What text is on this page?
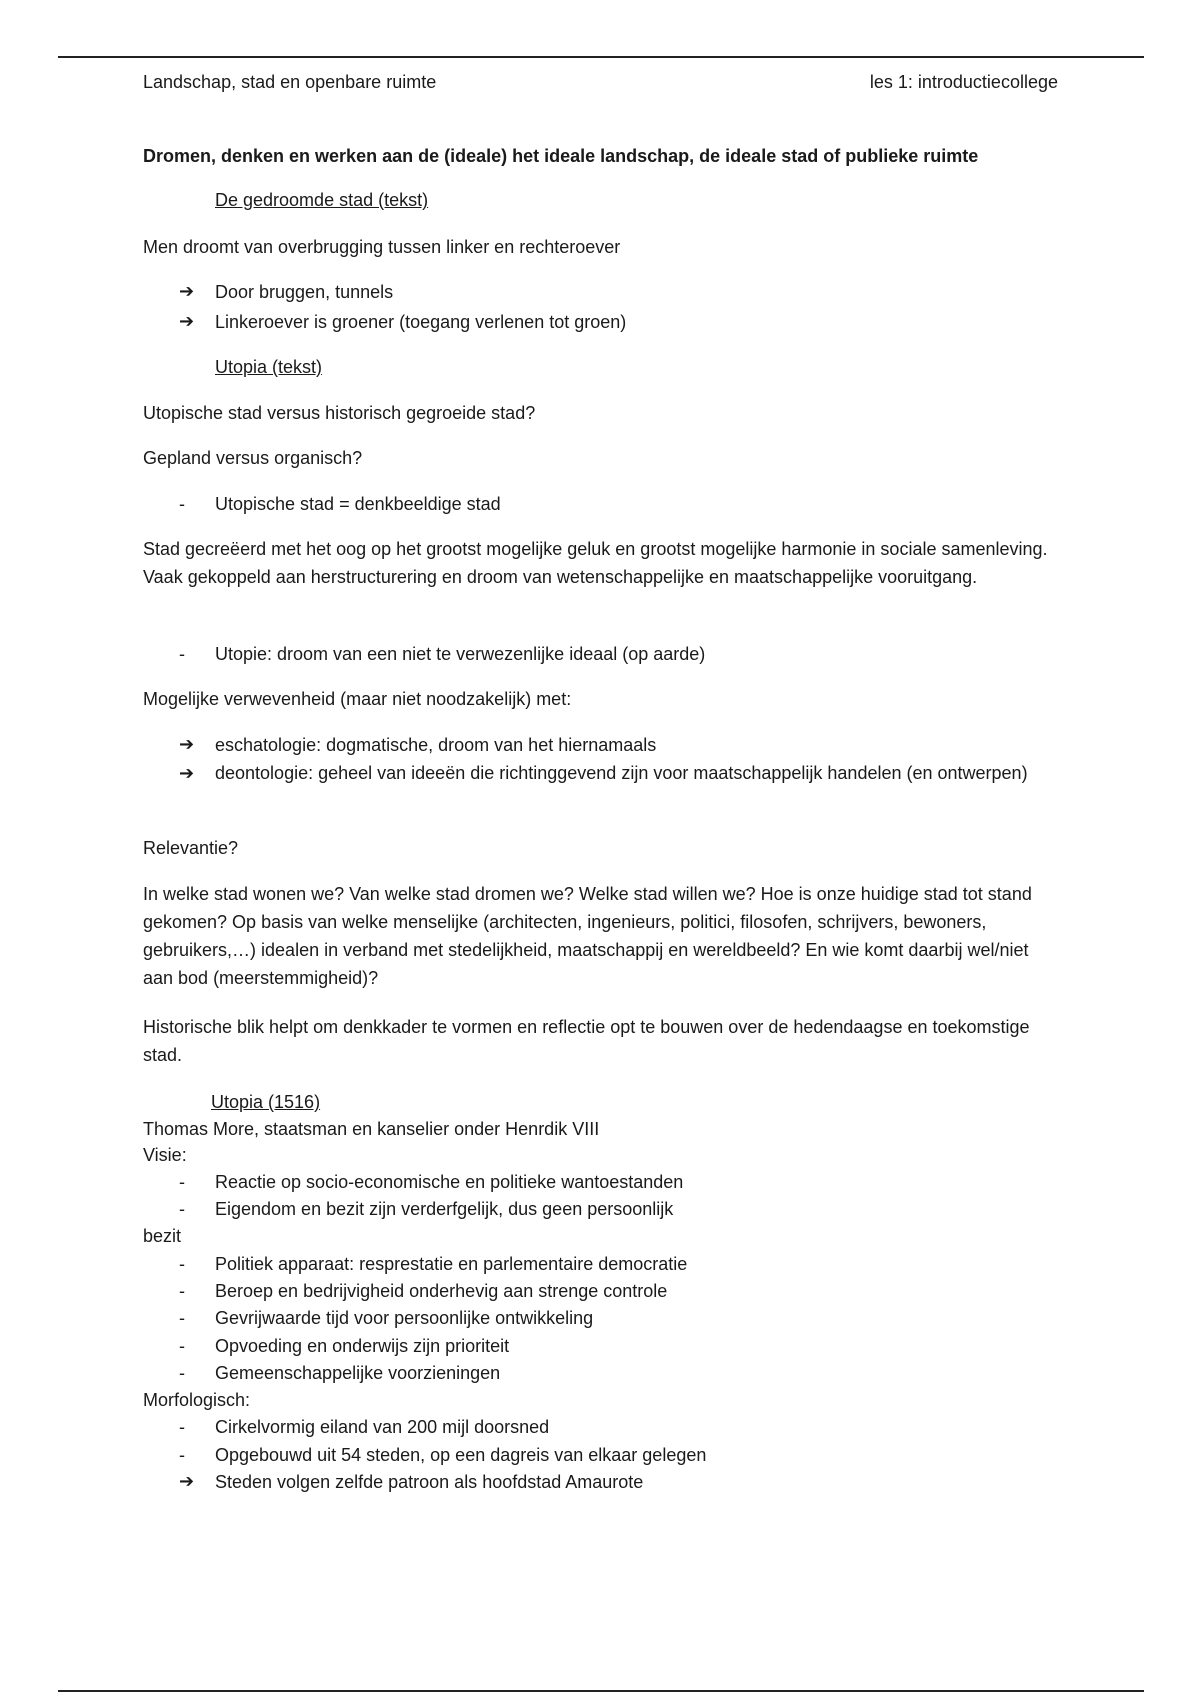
Landschap, stad en openbare ruimte	les 1: introductiecollege
Dromen, denken en werken aan de (ideale) het ideale landschap, de ideale stad of publieke ruimte
De gedroomde stad (tekst)
Men droomt van overbrugging tussen linker en rechteroever
➔ Door bruggen, tunnels
➔ Linkeroever is groener (toegang verlenen tot groen)
Utopia (tekst)
Utopische stad versus historisch gegroeide stad?
Gepland versus organisch?
- Utopische stad = denkbeeldige stad
Stad gecreëerd met het oog op het grootst mogelijke geluk en grootst mogelijke harmonie in sociale samenleving. Vaak gekoppeld aan herstructurering en droom van wetenschappelijke en maatschappelijke vooruitgang.
- Utopie: droom van een niet te verwezenlijke ideaal (op aarde)
Mogelijke verwevenheid (maar niet noodzakelijk) met:
➔ eschatologie: dogmatische, droom van het hiernamaals
➔ deontologie: geheel van ideeën die richtinggevend zijn voor maatschappelijk handelen (en ontwerpen)
Relevantie?
In welke stad wonen we? Van welke stad dromen we? Welke stad willen we? Hoe is onze huidige stad tot stand gekomen? Op basis van welke menselijke (architecten, ingenieurs, politici, filosofen, schrijvers, bewoners, gebruikers,…) idealen in verband met stedelijkheid, maatschappij en wereldbeeld? En wie komt daarbij wel/niet aan bod (meerstemmigheid)?
Historische blik helpt om denkkader te vormen en reflectie opt te bouwen over de hedendaagse en toekomstige stad.
Utopia (1516)
Thomas More, staatsman en kanselier onder Henrdik VIII
Visie:
- Reactie op socio-economische en politieke wantoestanden
- Eigendom en bezit zijn verderfgelijk, dus geen persoonlijk
bezit
- Politiek apparaat: resprestatie en parlementaire democratie
- Beroep en bedrijvigheid onderhevig aan strenge controle
- Gevrijwaarde tijd voor persoonlijke ontwikkeling
- Opvoeding en onderwijs zijn prioriteit
- Gemeenschappelijke voorzieningen
Morfologisch:
- Cirkelvormig eiland van 200 mijl doorsned
- Opgebouwd uit 54 steden, op een dagreis van elkaar gelegen
➔ Steden volgen zelfde patroon als hoofdstad Amaurote
